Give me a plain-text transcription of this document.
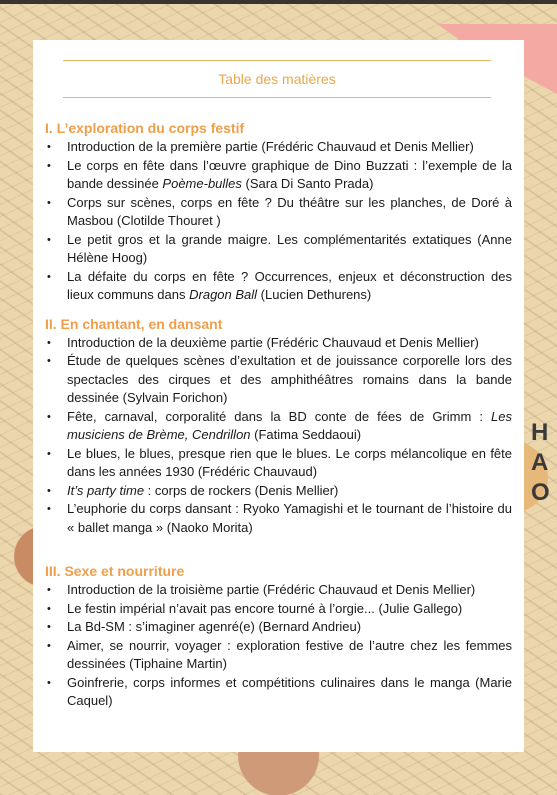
HA O
Table des matières
I. L’exploration du corps festif
• Introduction de la première partie (Frédéric Chauvaud et Denis Mellier)
• Le corps en fête dans l’œuvre graphique de Dino Buzzati : l’exemple de la bande dessinée Poème-bulles (Sara Di Santo Prada)
• Corps sur scènes, corps en fête ? Du théâtre sur les planches, de Doré à Masbou (Clotilde Thouret )
• Le petit gros et la grande maigre. Les complémentarités extatiques (Anne Hélène Hoog)
• La défaite du corps en fête ? Occurrences, enjeux et déconstruction des lieux communs dans Dragon Ball (Lucien Dethurens)
II. En chantant, en dansant
• Introduction de la deuxième partie (Frédéric Chauvaud et Denis Mellier)
• Étude de quelques scènes d’exultation et de jouissance corporelle lors des spectacles des cirques et des amphithéâtres romains dans la bande dessinée (Sylvain Forichon)
• Fête, carnaval, corporalité dans la BD conte de fées de Grimm : Les musiciens de Brème, Cendrillon (Fatima Seddaoui)
• Le blues, le blues, presque rien que le blues. Le corps mélancolique en fête dans les années 1930 (Frédéric Chauvaud)
• It’s party time : corps de rockers (Denis Mellier)
• L’euphorie du corps dansant : Ryoko Yamagishi et le tournant de l’histoire du « ballet manga » (Naoko Morita)
III. Sexe et nourriture
• Introduction de la troisième partie (Frédéric Chauvaud et Denis Mellier)
• Le festin impérial n’avait pas encore tourné à l’orgie... (Julie Gallego)
• La Bd-SM : s’imaginer agenré(e) (Bernard Andrieu)
• Aimer, se nourrir, voyager : exploration festive de l’autre chez les femmes dessinées (Tiphaine Martin)
• Goinfrerie, corps informes et compétitions culinaires dans le manga (Marie Caquel)
